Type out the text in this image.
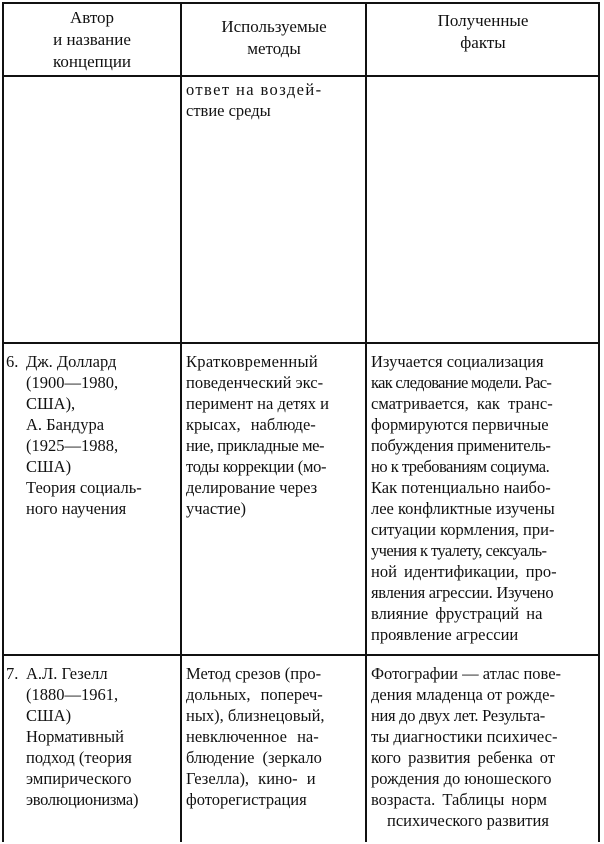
Автор
и название
концепции
Используемые
методы
Полученные
факты

ответ на воздей-

ствие среды

6. Дж. Доллард

(1900—1980,

США),

А. Бандура

(1925—1988,

США)

Теория социаль-

ного научения

Кратковременный

поведенческий экс-

перимент на детях и

крысах, наблюде-

ние, прикладные ме-

тоды коррекции (мо-

делирование через

участие)

Изучается социализация

как следование модели. Рас-

сматривается, как транс-

формируются первичные

побуждения применитель-

но к требованиям социума.

Как потенциально наибо-

лее конфликтные изучены

ситуации кормления, при-

учения к туалету, сексуаль-

ной идентификации, про-

явления агрессии. Изучено

влияние фрустраций на

проявление агрессии

7. А.Л. Гезелл

(1880—1961,

США)

Нормативный

подход (теория

эмпирического

эволюционизма)

Метод срезов (про-

дольных, попереч-

ных), близнецовый,

невключенное на-

блюдение (зеркало

Гезелла), кино- и

фоторегистрация

Фотографии — атлас пове-

дения младенца от рожде-

ния до двух лет. Результа-

ты диагностики психичес-

кого развития ребенка от

рождения до юношеского

возраста. Таблицы норм

психического развития
